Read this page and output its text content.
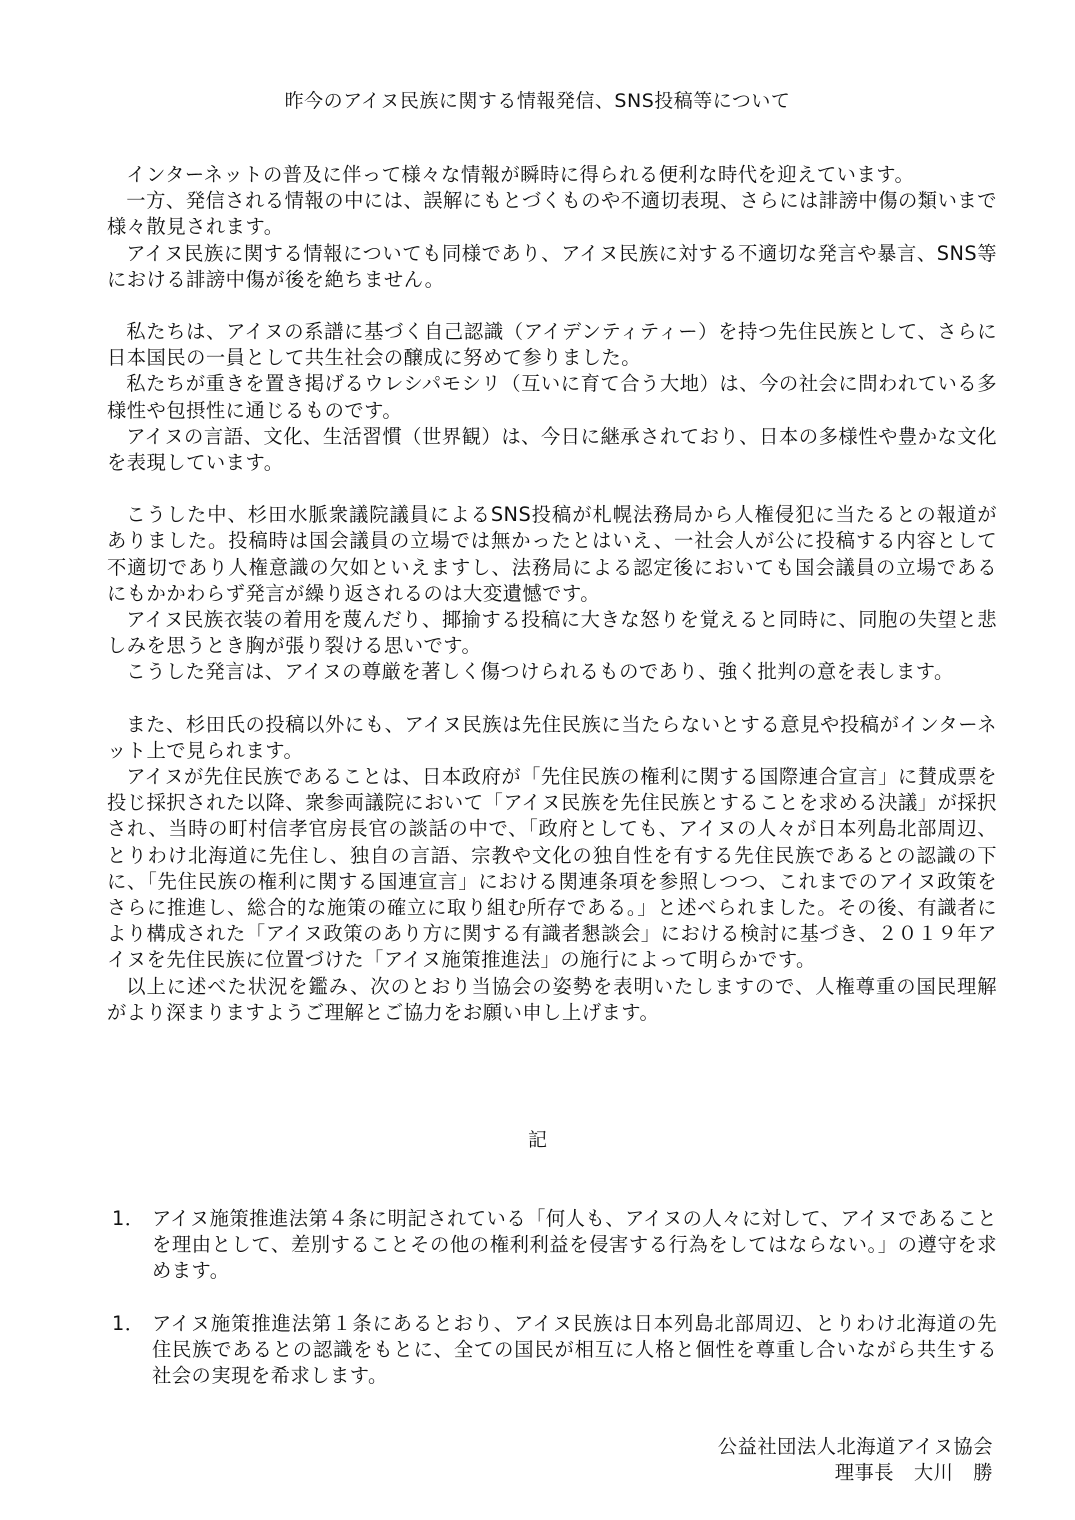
昨今のアイヌ民族に関する情報発信、SNS投稿等について

インターネットの普及に伴って様々な情報が瞬時に得られる便利な時代を迎えています。

一方、発信される情報の中には、誤解にもとづくものや不適切表現、さらには誹謗中傷の類いまで様々散見されます。

アイヌ民族に関する情報についても同様であり、アイヌ民族に対する不適切な発言や暴言、SNS等における誹謗中傷が後を絶ちません。

私たちは、アイヌの系譜に基づく自己認識（アイデンティティー）を持つ先住民族として、さらに日本国民の一員として共生社会の醸成に努めて参りました。

私たちが重きを置き掲げるウレシパモシリ（互いに育て合う大地）は、今の社会に問われている多様性や包摂性に通じるものです。

アイヌの言語、文化、生活習慣（世界観）は、今日に継承されており、日本の多様性や豊かな文化を表現しています。

こうした中、杉田水脈衆議院議員によるSNS投稿が札幌法務局から人権侵犯に当たるとの報道がありました。投稿時は国会議員の立場では無かったとはいえ、一社会人が公に投稿する内容として不適切であり人権意識の欠如といえますし、法務局による認定後においても国会議員の立場であるにもかかわらず発言が繰り返されるのは大変遺憾です。

アイヌ民族衣装の着用を蔑んだり、揶揄する投稿に大きな怒りを覚えると同時に、同胞の失望と悲しみを思うとき胸が張り裂ける思いです。

こうした発言は、アイヌの尊厳を著しく傷つけられるものであり、強く批判の意を表します。

また、杉田氏の投稿以外にも、アイヌ民族は先住民族に当たらないとする意見や投稿がインターネット上で見られます。

アイヌが先住民族であることは、日本政府が「先住民族の権利に関する国際連合宣言」に賛成票を投じ採択された以降、衆参両議院において「アイヌ民族を先住民族とすることを求める決議」が採択され、当時の町村信孝官房長官の談話の中で、「政府としても、アイヌの人々が日本列島北部周辺、とりわけ北海道に先住し、独自の言語、宗教や文化の独自性を有する先住民族であるとの認識の下に、「先住民族の権利に関する国連宣言」における関連条項を参照しつつ、これまでのアイヌ政策をさらに推進し、総合的な施策の確立に取り組む所存である。」と述べられました。その後、有識者により構成された「アイヌ政策のあり方に関する有識者懇談会」における検討に基づき、２０１９年アイヌを先住民族に位置づけた「アイヌ施策推進法」の施行によって明らかです。

以上に述べた状況を鑑み、次のとおり当協会の姿勢を表明いたしますので、人権尊重の国民理解がより深まりますようご理解とご協力をお願い申し上げます。

記
1． アイヌ施策推進法第４条に明記されている「何人も、アイヌの人々に対して、アイヌであることを理由として、差別することその他の権利利益を侵害する行為をしてはならない。」の遵守を求めます。
1． アイヌ施策推進法第１条にあるとおり、アイヌ民族は日本列島北部周辺、とりわけ北海道の先住民族であるとの認識をもとに、全ての国民が相互に人格と個性を尊重し合いながら共生する社会の実現を希求します。
公益社団法人北海道アイヌ協会
理事長　大川　勝
